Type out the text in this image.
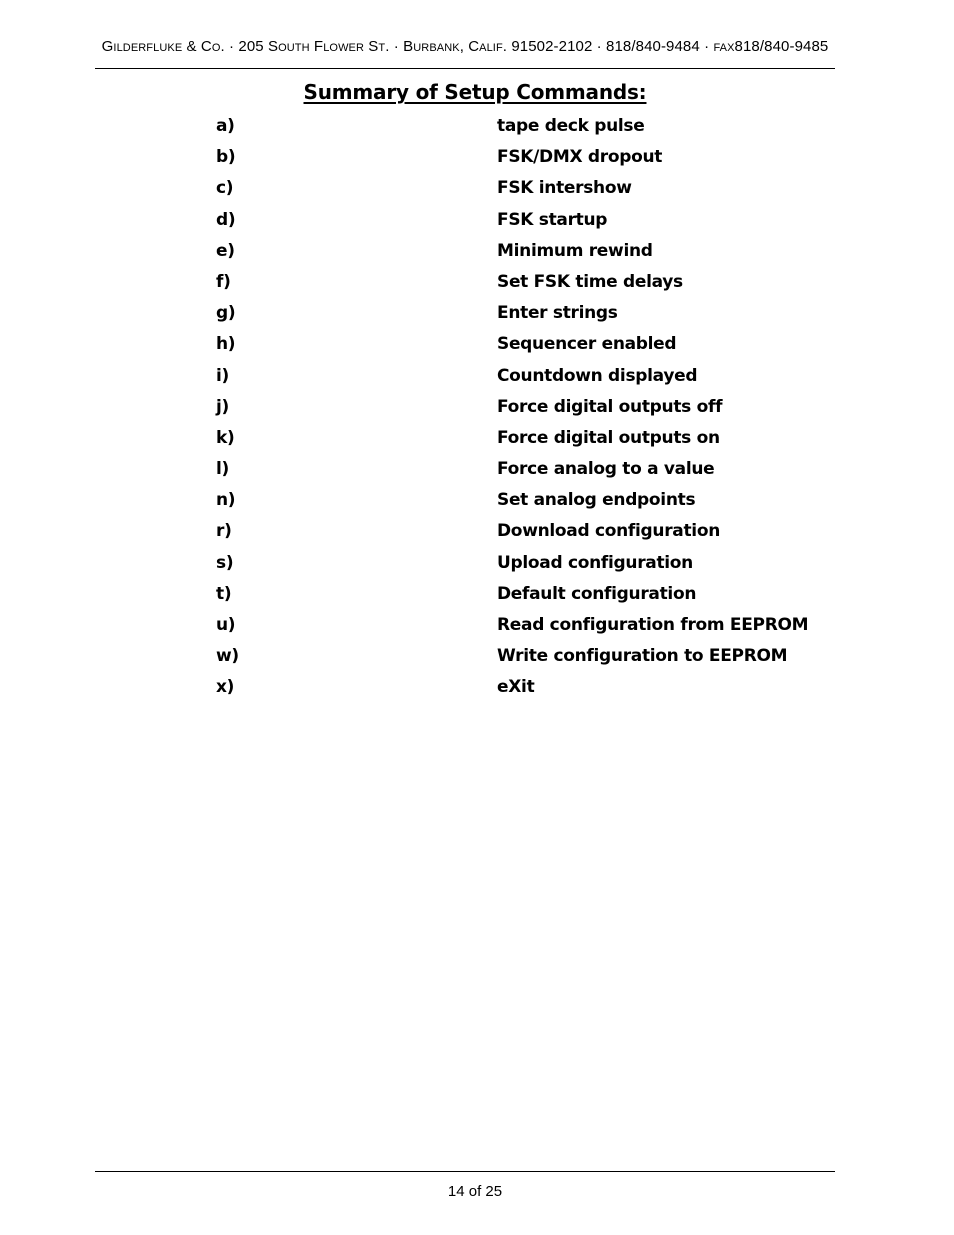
Gilderfluke & Co. · 205 South Flower St. · Burbank, Calif. 91502-2102 · 818/840-9484 · fax818/840-9485
Summary of Setup Commands:
a)	tape deck pulse
b)	FSK/DMX dropout
c)	FSK intershow
d)	FSK startup
e)	Minimum rewind
f)	Set FSK time delays
g)	Enter strings
h)	Sequencer enabled
i)	Countdown displayed
j)	Force digital outputs off
k)	Force digital outputs on
l)	Force analog to a value
n)	Set analog endpoints
r)	Download configuration
s)	Upload configuration
t)	Default configuration
u)	Read configuration from EEPROM
w)	Write configuration to EEPROM
x)	eXit
14 of 25
